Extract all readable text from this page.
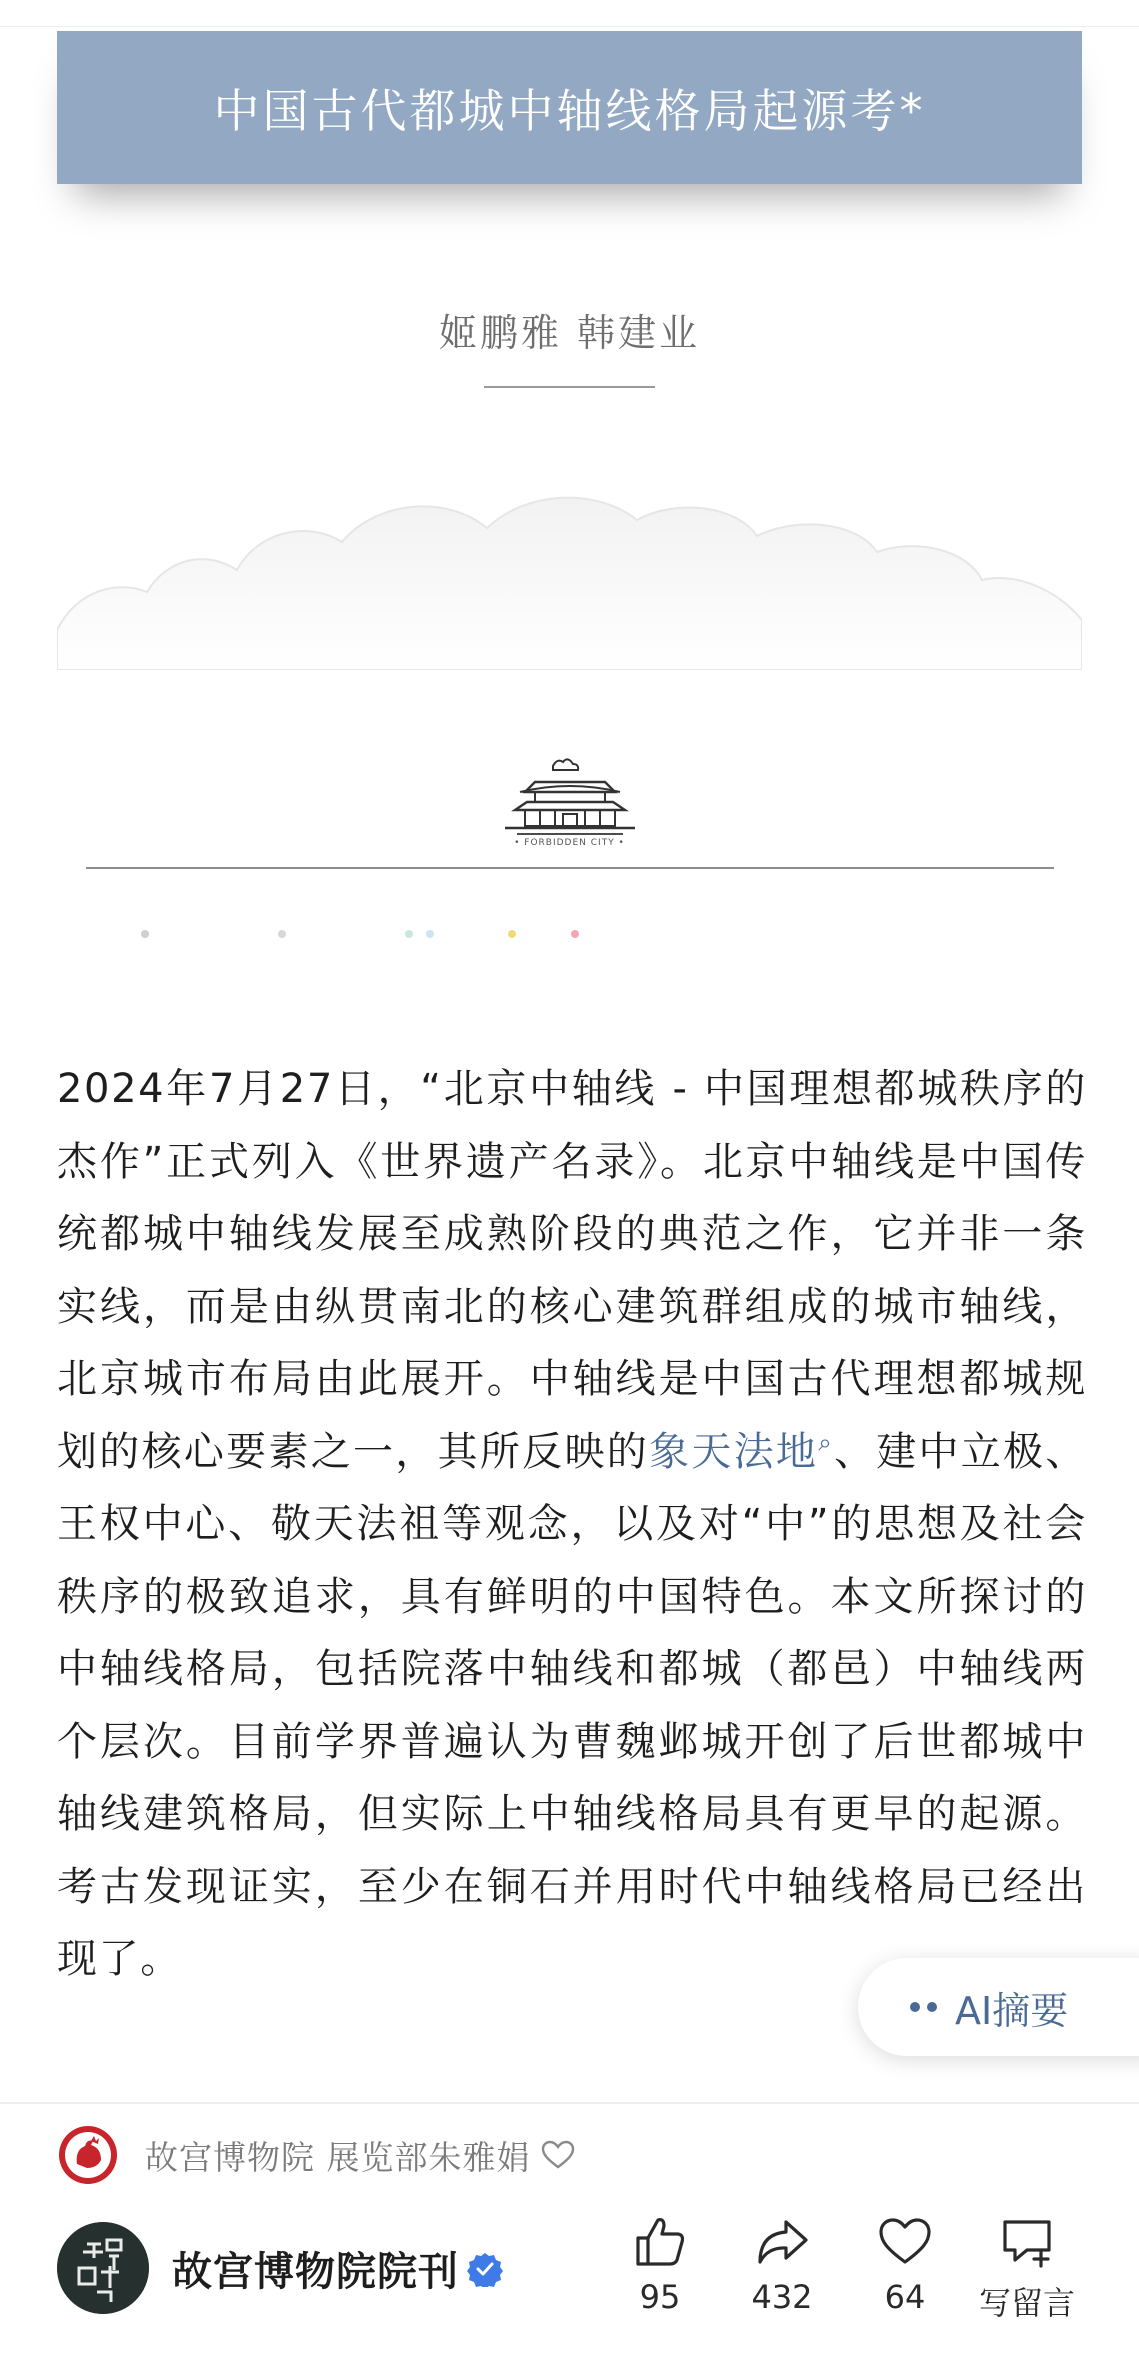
中国古代都城中轴线格局起源考*
姬鹏雅 韩建业
• FORBIDDEN CITY •
2024年7月27日，“北京中轴线 - 中国理想都城秩序的杰作”正式列入《世界遗产名录》。北京中轴线是中国传统都城中轴线发展至成熟阶段的典范之作，它并非一条实线，而是由纵贯南北的核心建筑群组成的城市轴线，北京城市布局由此展开。中轴线是中国古代理想都城规划的核心要素之一，其所反映的象天法地⌕、建中立极、王权中心、敬天法祖等观念，以及对“中”的思想及社会秩序的极致追求，具有鲜明的中国特色。本文所探讨的中轴线格局，包括院落中轴线和都城（都邑）中轴线两个层次。目前学界普遍认为曹魏邺城开创了后世都城中轴线建筑格局，但实际上中轴线格局具有更早的起源。考古发现证实，至少在铜石并用时代中轴线格局已经出现了。
AI摘要
故宫博物院 展览部朱雅娟
故宫博物院院刊
95	432	64	写留言
